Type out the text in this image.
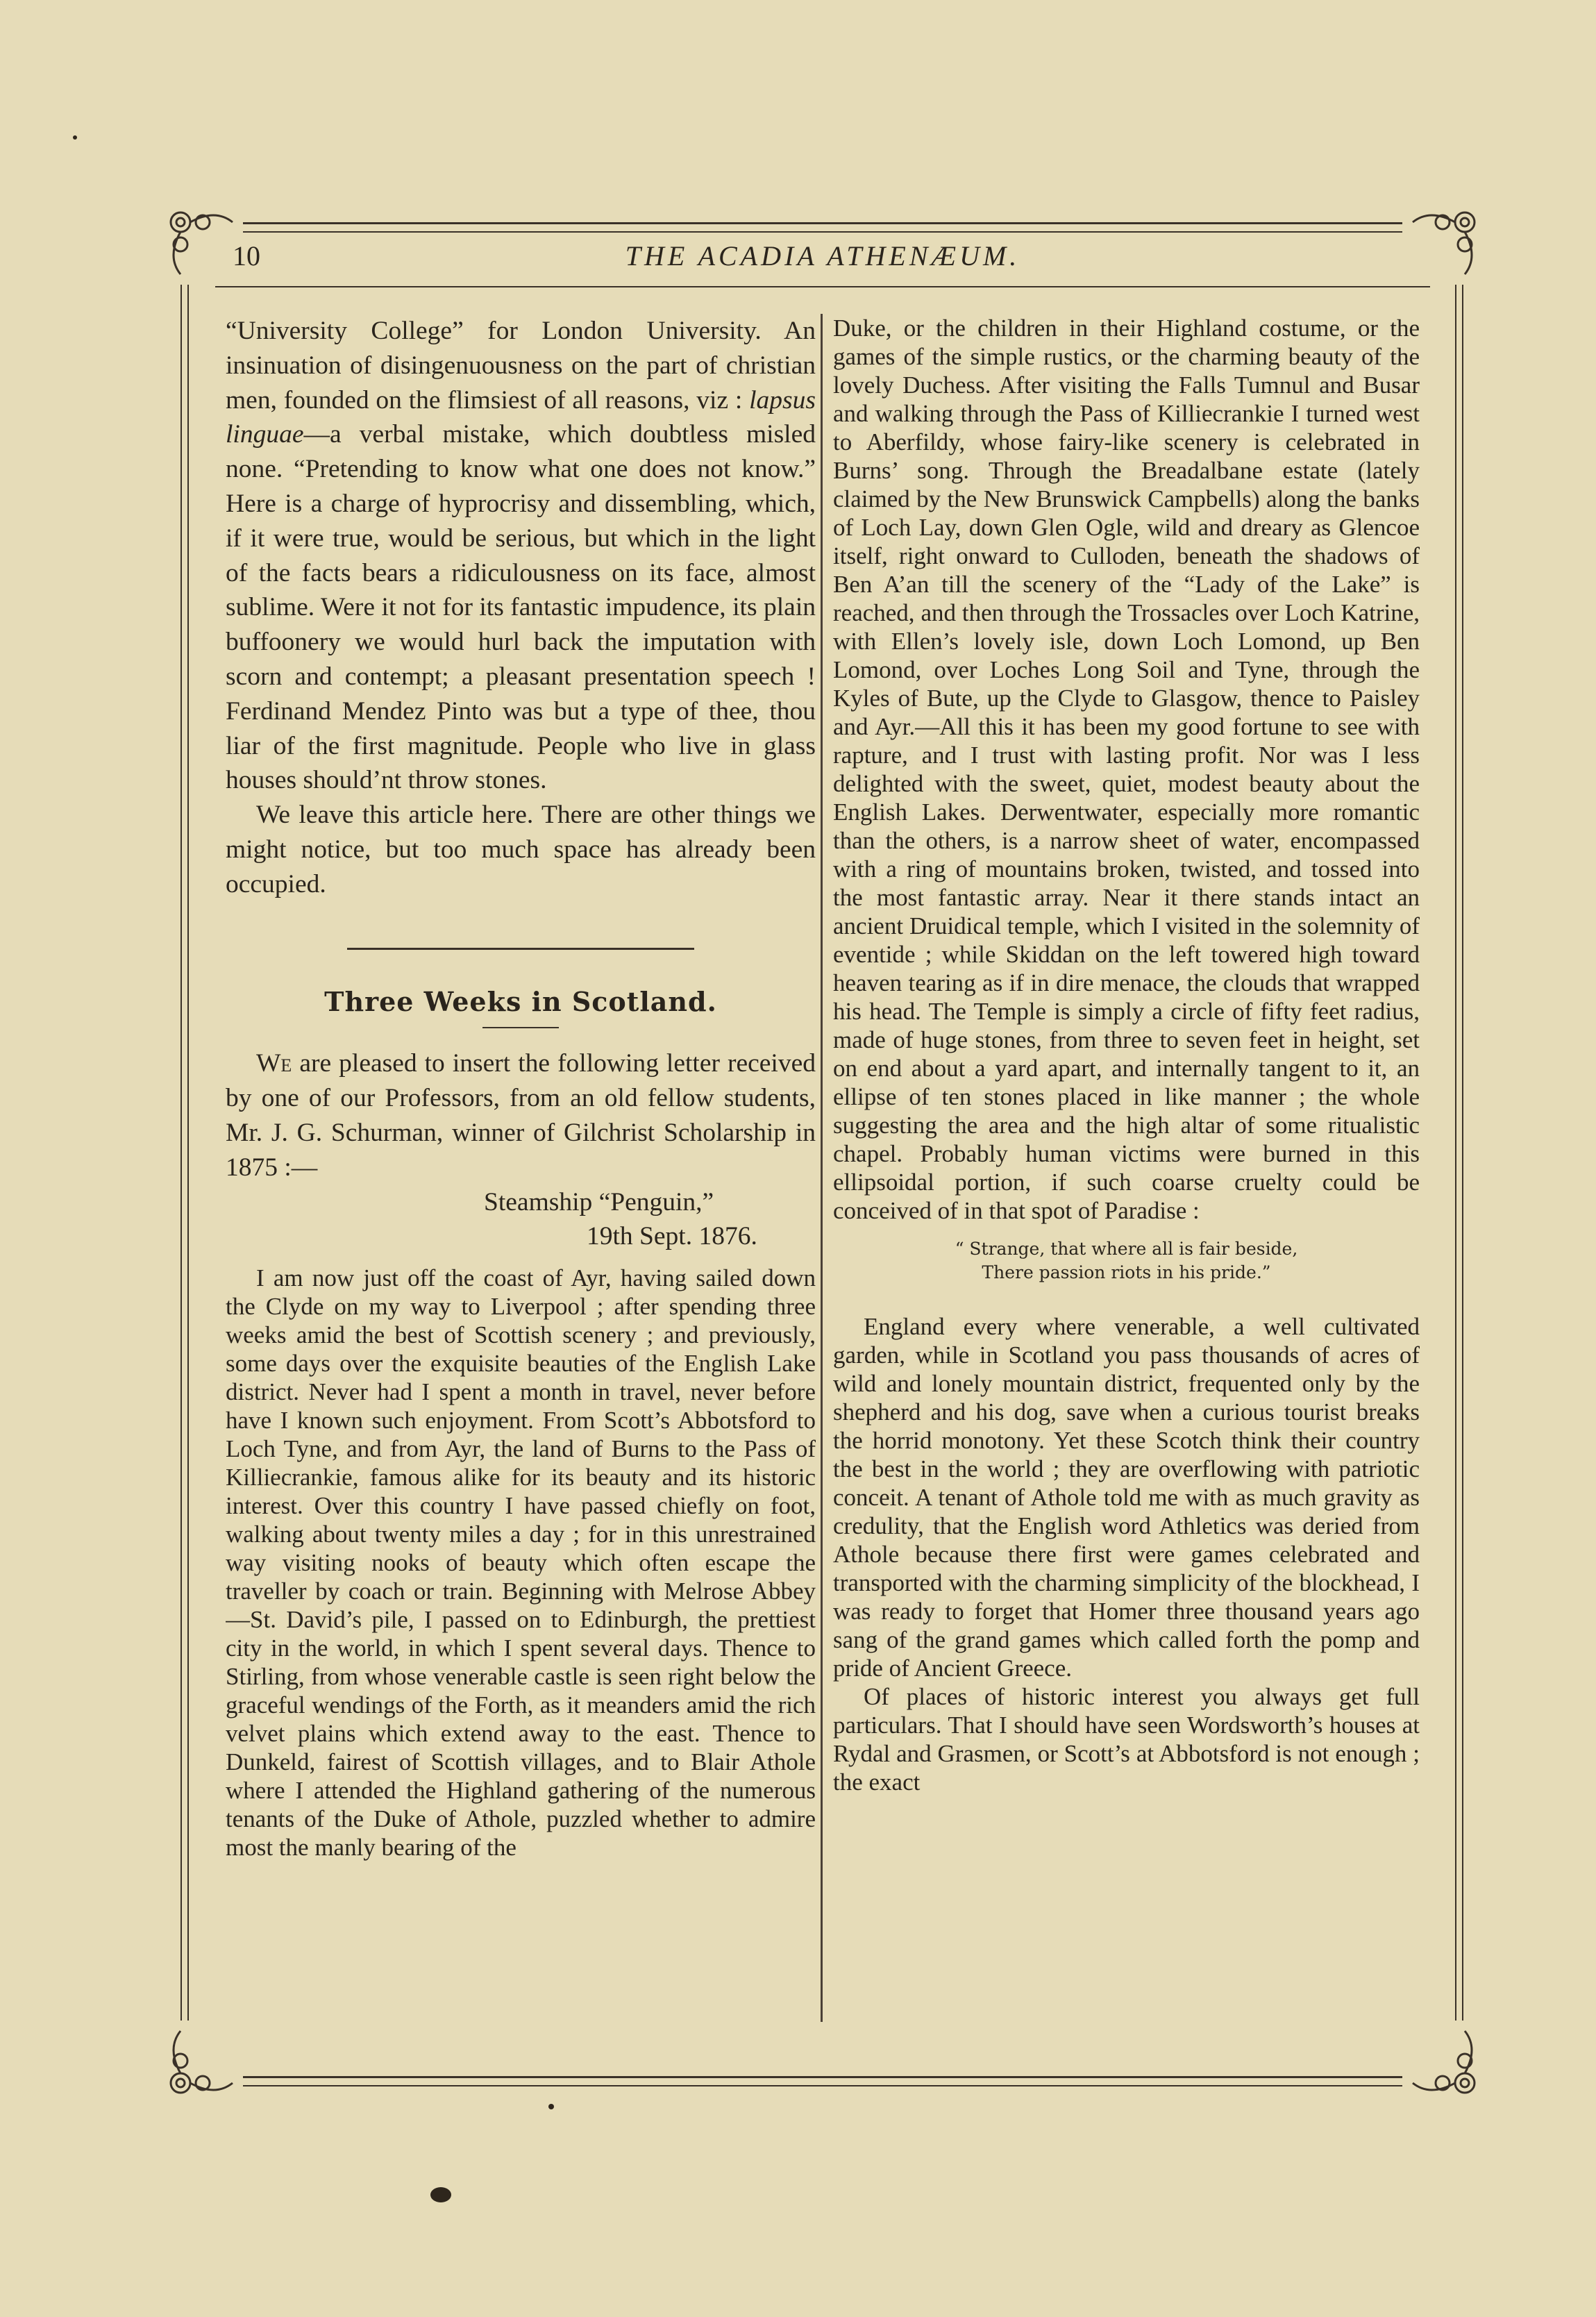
10	THE ACADIA ATHENÆUM.

“University College” for London University. An insinuation of disingenuousness on the part of christian men, founded on the flimsiest of all reasons, viz : lapsus linguae—a verbal mistake, which doubtless misled none. “Pretending to know what one does not know.” Here is a charge of hyprocrisy and dissembling, which, if it were true, would be serious, but which in the light of the facts bears a ridiculousness on its face, almost sublime. Were it not for its fantastic impudence, its plain buffoonery we would hurl back the imputation with scorn and contempt; a pleasant presentation speech ! Ferdinand Mendez Pinto was but a type of thee, thou liar of the first magnitude. People who live in glass houses should’nt throw stones.

We leave this article here. There are other things we might notice, but too much space has already been occupied.

Three Weeks in Scotland.

We are pleased to insert the following letter received by one of our Professors, from an old fellow students, Mr. J. G. Schurman, winner of Gilchrist Scholarship in 1875 :—

Steamship “Penguin,”

19th Sept. 1876.

I am now just off the coast of Ayr, having sailed down the Clyde on my way to Liverpool ; after spending three weeks amid the best of Scottish scenery ; and previously, some days over the exquisite beauties of the English Lake district. Never had I spent a month in travel, never before have I known such enjoyment. From Scott’s Abbotsford to Loch Tyne, and from Ayr, the land of Burns to the Pass of Killiecrankie, famous alike for its beauty and its historic interest. Over this country I have passed chiefly on foot, walking about twenty miles a day ; for in this unrestrained way visiting nooks of beauty which often escape the traveller by coach or train. Beginning with Melrose Abbey—St. David’s pile, I passed on to Edinburgh, the prettiest city in the world, in which I spent several days. Thence to Stirling, from whose venerable castle is seen right below the graceful wendings of the Forth, as it meanders amid the rich velvet plains which extend away to the east. Thence to Dunkeld, fairest of Scottish villages, and to Blair Athole where I attended the Highland gathering of the numerous tenants of the Duke of Athole, puzzled whether to admire most the manly bearing of the

Duke, or the children in their Highland costume, or the games of the simple rustics, or the charming beauty of the lovely Duchess. After visiting the Falls Tumnul and Busar and walking through the Pass of Killiecrankie I turned west to Aberfildy, whose fairy-like scenery is celebrated in Burns’ song. Through the Breadalbane estate (lately claimed by the New Brunswick Campbells) along the banks of Loch Lay, down Glen Ogle, wild and dreary as Glencoe itself, right onward to Culloden, beneath the shadows of Ben A’an till the scenery of the “Lady of the Lake” is reached, and then through the Trossacles over Loch Katrine, with Ellen’s lovely isle, down Loch Lomond, up Ben Lomond, over Loches Long Soil and Tyne, through the Kyles of Bute, up the Clyde to Glasgow, thence to Paisley and Ayr.—All this it has been my good fortune to see with rapture, and I trust with lasting profit. Nor was I less delighted with the sweet, quiet, modest beauty about the English Lakes. Derwentwater, especially more romantic than the others, is a narrow sheet of water, encompassed with a ring of mountains broken, twisted, and tossed into the most fantastic array. Near it there stands intact an ancient Druidical temple, which I visited in the solemnity of eventide ; while Skiddan on the left towered high toward heaven tearing as if in dire menace, the clouds that wrapped his head. The Temple is simply a circle of fifty feet radius, made of huge stones, from three to seven feet in height, set on end about a yard apart, and internally tangent to it, an ellipse of ten stones placed in like manner ; the whole suggesting the area and the high altar of some ritualistic chapel. Probably human victims were burned in this ellipsoidal portion, if such coarse cruelty could be conceived of in that spot of Paradise :

“ Strange, that where all is fair beside,
There passion riots in his pride.”

England every where venerable, a well cultivated garden, while in Scotland you pass thousands of acres of wild and lonely mountain district, frequented only by the shepherd and his dog, save when a curious tourist breaks the horrid monotony. Yet these Scotch think their country the best in the world ; they are overflowing with patriotic conceit. A tenant of Athole told me with as much gravity as credulity, that the English word Athletics was deried from Athole because there first were games celebrated and transported with the charming simplicity of the blockhead, I was ready to forget that Homer three thousand years ago sang of the grand games which called forth the pomp and pride of Ancient Greece.

Of places of historic interest you always get full particulars. That I should have seen Wordsworth’s houses at Rydal and Grasmen, or Scott’s at Abbotsford is not enough ; the exact
